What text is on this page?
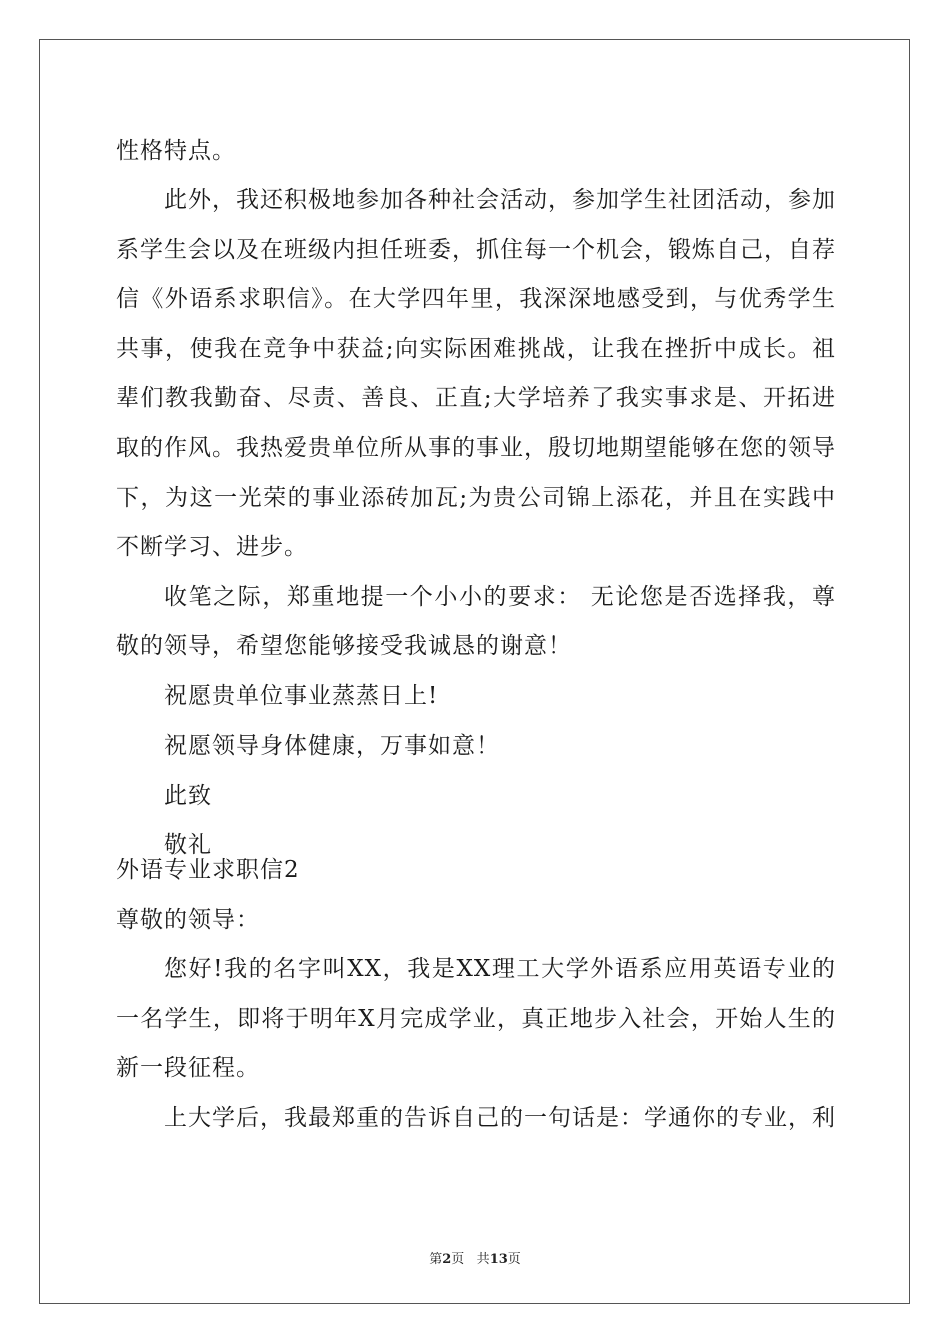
性格特点。
此外，我还积极地参加各种社会活动，参加学生社团活动，参加
系学生会以及在班级内担任班委，抓住每一个机会，锻炼自己，自荐
信《外语系求职信》。在大学四年里，我深深地感受到，与优秀学生
共事，使我在竞争中获益;向实际困难挑战，让我在挫折中成长。祖
辈们教我勤奋、尽责、善良、正直;大学培养了我实事求是、开拓进
取的作风。我热爱贵单位所从事的事业，殷切地期望能够在您的领导
下，为这一光荣的事业添砖加瓦;为贵公司锦上添花，并且在实践中
不断学习、进步。
收笔之际，郑重地提一个小小的要求： 无论您是否选择我，尊
敬的领导，希望您能够接受我诚恳的谢意！
祝愿贵单位事业蒸蒸日上!
祝愿领导身体健康，万事如意！
此致
敬礼
外语专业求职信2
尊敬的领导：
您好!我的名字叫XX，我是XX理工大学外语系应用英语专业的
一名学生，即将于明年X月完成学业，真正地步入社会，开始人生的
新一段征程。
上大学后，我最郑重的告诉自己的一句话是：学通你的专业，利
第2页 共13页
